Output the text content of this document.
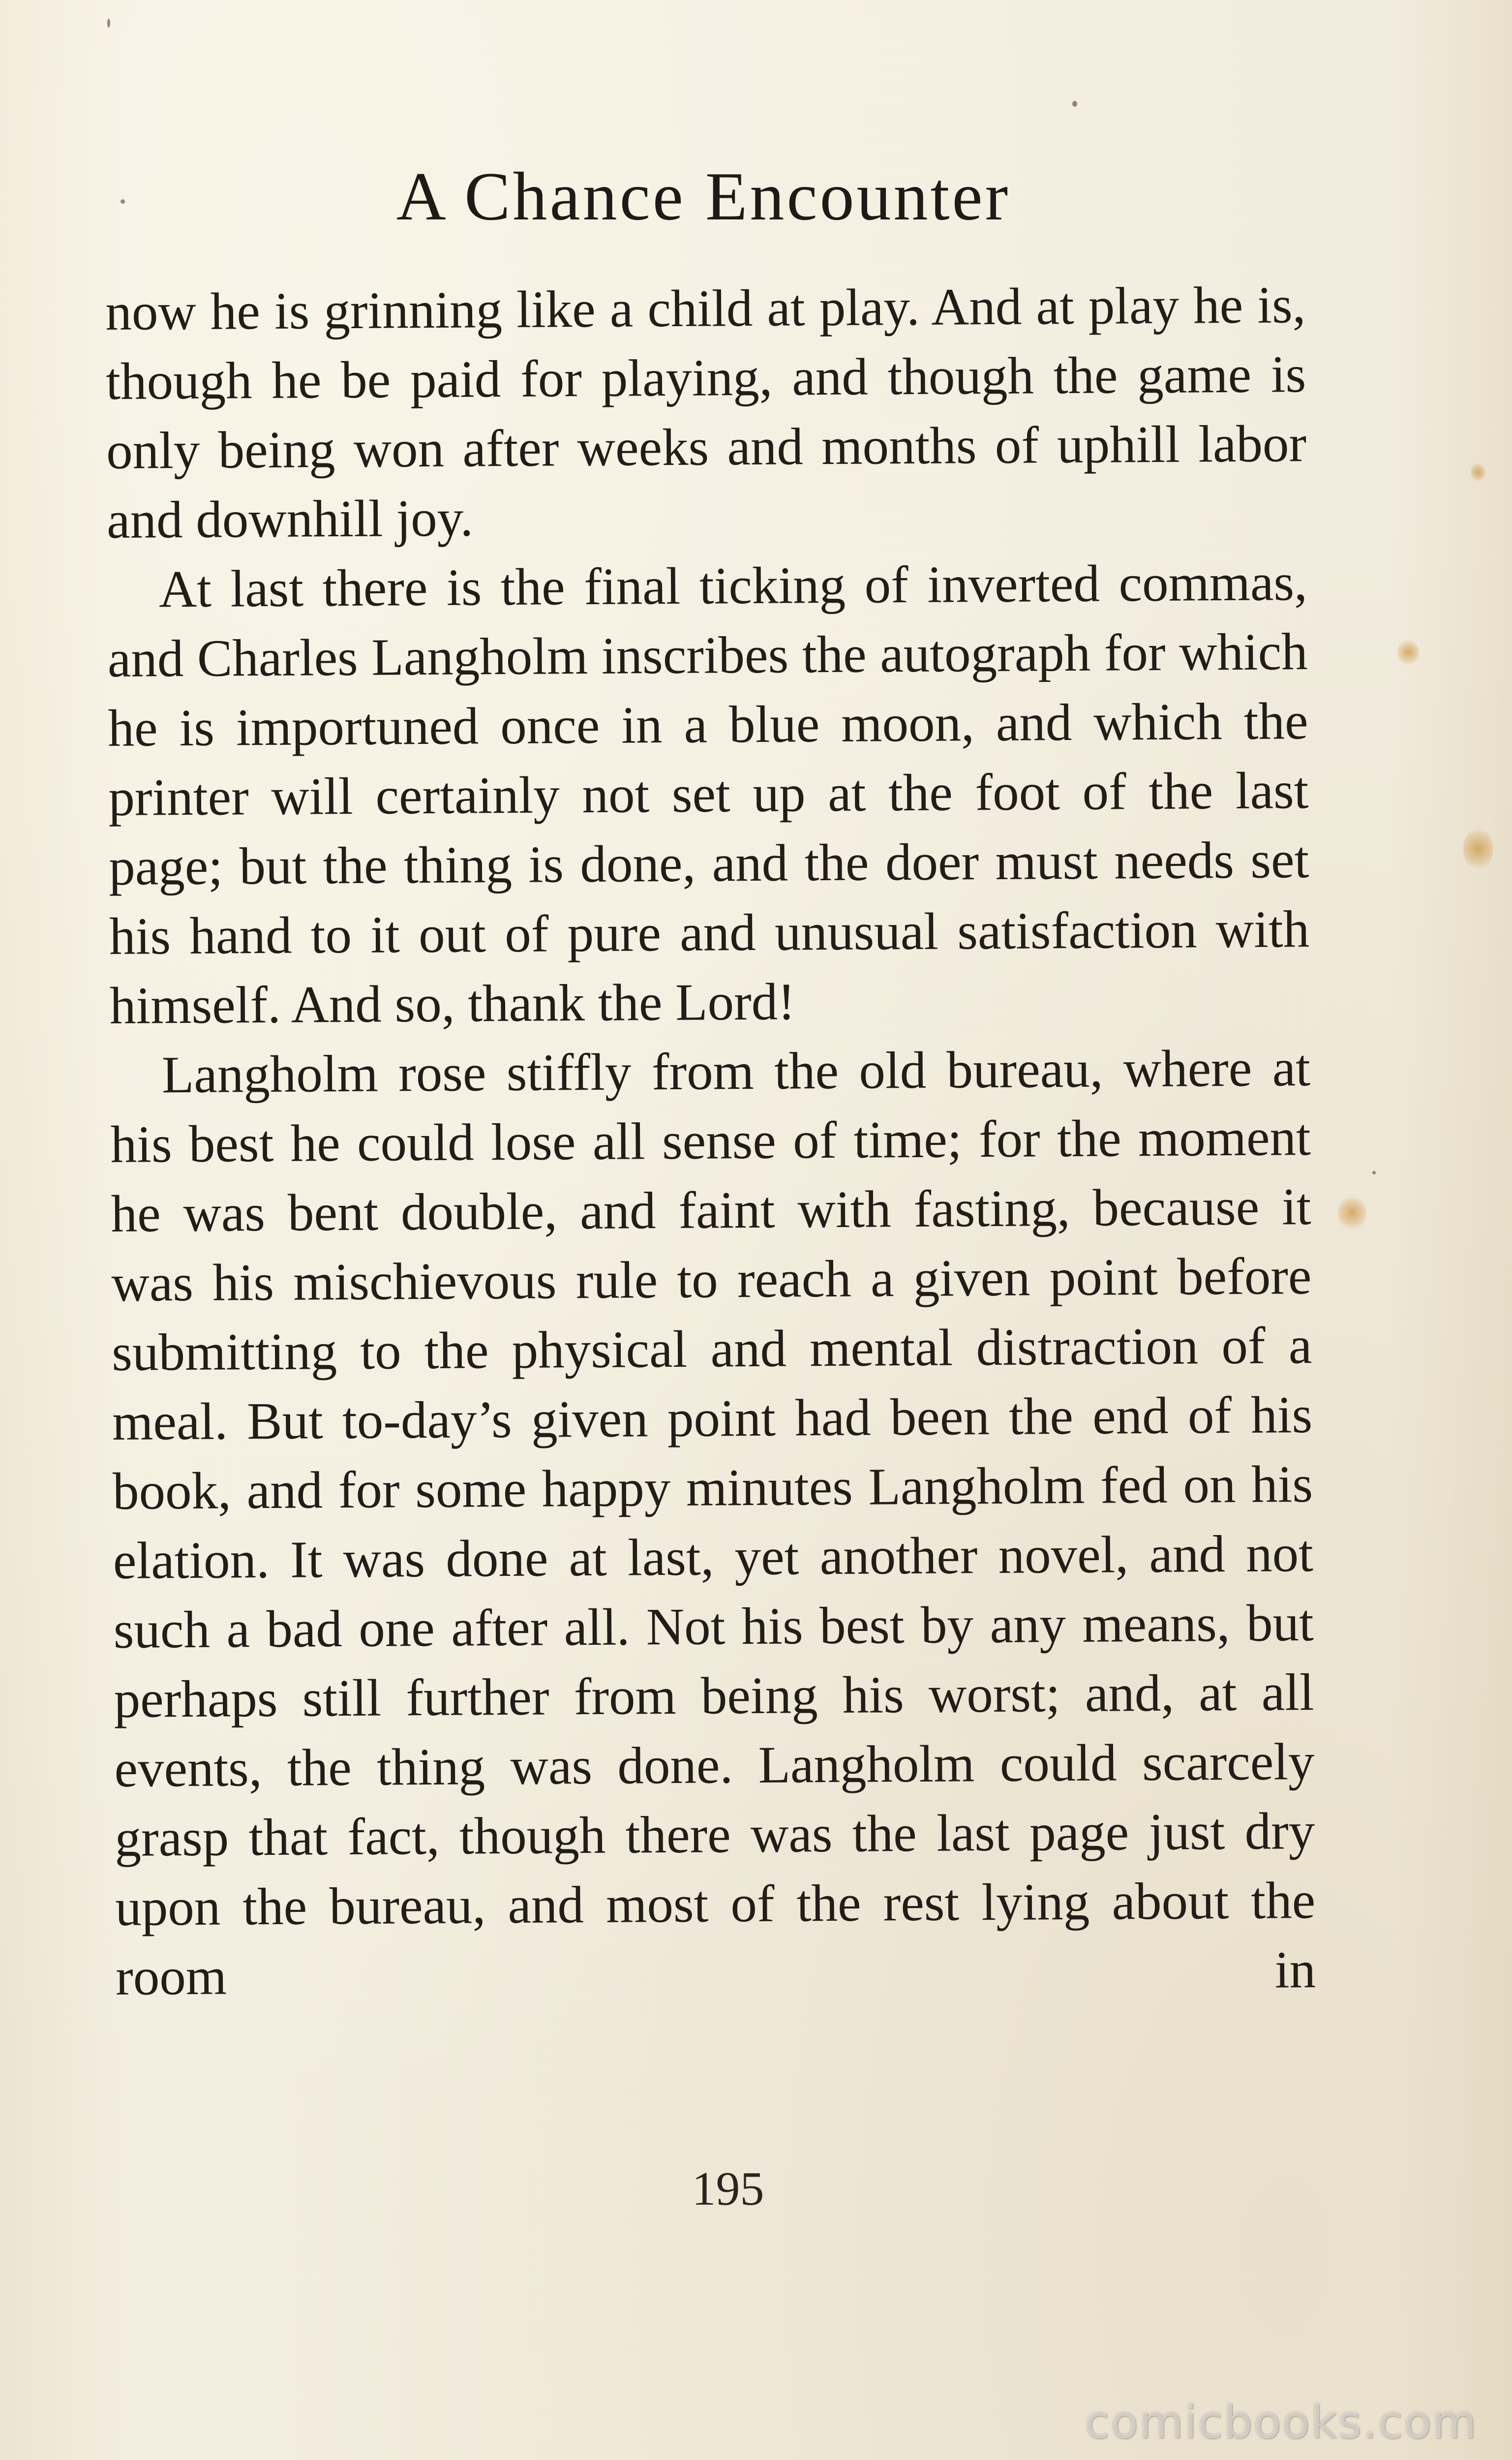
A Chance Encounter

now he is grinning like a child at play. And at play he is, though he be paid for playing, and though the game is only being won after weeks and months of uphill labor and downhill joy.

At last there is the final ticking of inverted commas, and Charles Langholm inscribes the autograph for which he is importuned once in a blue moon, and which the printer will certainly not set up at the foot of the last page; but the thing is done, and the doer must needs set his hand to it out of pure and unusual satisfaction with himself. And so, thank the Lord!

Langholm rose stiffly from the old bureau, where at his best he could lose all sense of time; for the moment he was bent double, and faint with fasting, because it was his mischievous rule to reach a given point before submitting to the physical and mental distraction of a meal. But to-day’s given point had been the end of his book, and for some happy minutes Langholm fed on his elation. It was done at last, yet another novel, and not such a bad one after all. Not his best by any means, but perhaps still further from being his worst; and, at all events, the thing was done. Langholm could scarcely grasp that fact, though there was the last page just dry upon the bureau, and most of the rest lying about the room in

195
comicbooks.com
